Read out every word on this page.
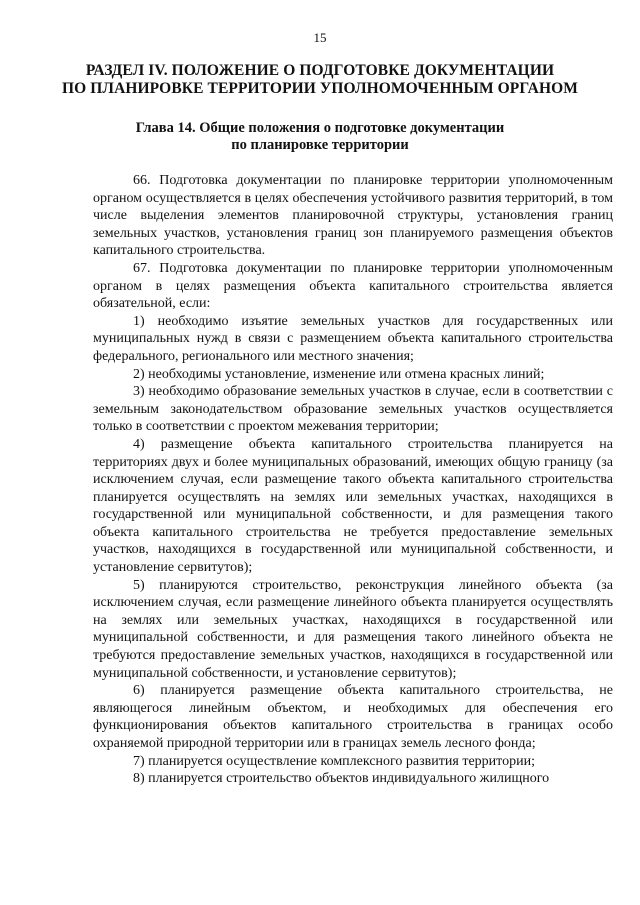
15
РАЗДЕЛ IV. ПОЛОЖЕНИЕ О ПОДГОТОВКЕ ДОКУМЕНТАЦИИ
ПО ПЛАНИРОВКЕ ТЕРРИТОРИИ УПОЛНОМОЧЕННЫМ ОРГАНОМ
Глава 14. Общие положения о подготовке документации
по планировке территории

66. Подготовка документации по планировке территории уполномоченным органом осуществляется в целях обеспечения устойчивого развития территорий, в том числе выделения элементов планировочной структуры, установления границ земельных участков, установления границ зон планируемого размещения объектов капитального строительства.

67. Подготовка документации по планировке территории уполномоченным органом в целях размещения объекта капитального строительства является обязательной, если:

1) необходимо изъятие земельных участков для государственных или муниципальных нужд в связи с размещением объекта капитального строительства федерального, регионального или местного значения;

2) необходимы установление, изменение или отмена красных линий;

3) необходимо образование земельных участков в случае, если в соответствии с земельным законодательством образование земельных участков осуществляется только в соответствии с проектом межевания территории;

4) размещение объекта капитального строительства планируется на территориях двух и более муниципальных образований, имеющих общую границу (за исключением случая, если размещение такого объекта капитального строительства планируется осуществлять на землях или земельных участках, находящихся в государственной или муниципальной собственности, и для размещения такого объекта капитального строительства не требуется предоставление земельных участков, находящихся в государственной или муниципальной собственности, и установление сервитутов);

5) планируются строительство, реконструкция линейного объекта (за исключением случая, если размещение линейного объекта планируется осуществлять на землях или земельных участках, находящихся в государственной или муниципальной собственности, и для размещения такого линейного объекта не требуются предоставление земельных участков, находящихся в государственной или муниципальной собственности, и установление сервитутов);

6) планируется размещение объекта капитального строительства, не являющегося линейным объектом, и необходимых для обеспечения его функционирования объектов капитального строительства в границах особо охраняемой природной территории или в границах земель лесного фонда;

7) планируется осуществление комплексного развития территории;

8) планируется строительство объектов индивидуального жилищного
